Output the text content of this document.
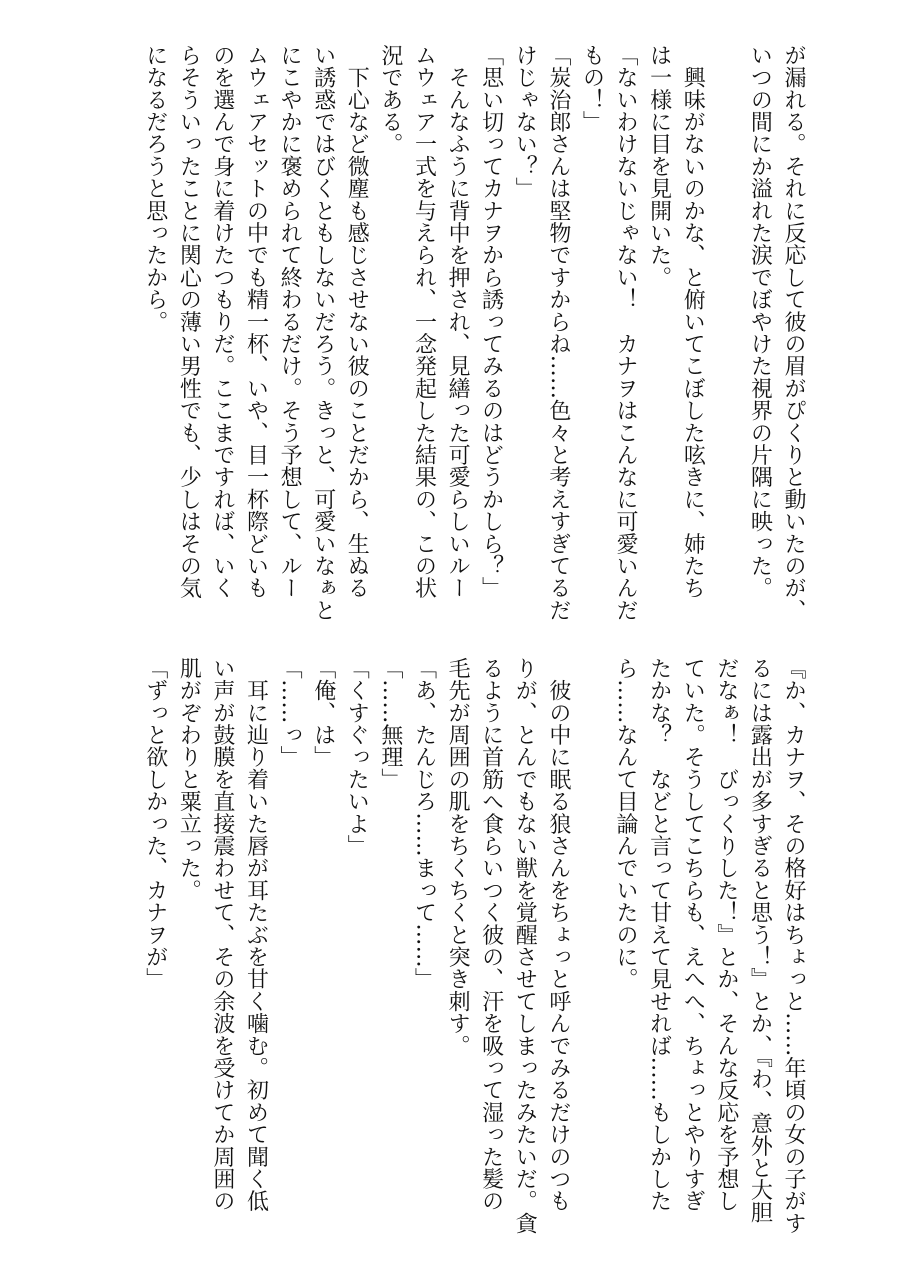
が漏れる。それに反応して彼の眉がぴくりと動いたのが、

いつの間にか溢れた涙でぼやけた視界の片隅に映った。

　興味がないのかな、と俯いてこぼした呟きに、姉たち

は一様に目を見開いた。

「ないわけないじゃない！　カナヲはこんなに可愛いんだ

もの！」

「炭治郎さんは堅物ですからね……色々と考えすぎてるだ

けじゃない？」

「思い切ってカナヲから誘ってみるのはどうかしら？」

　そんなふうに背中を押され、見繕った可愛らしいルー

ムウェア一式を与えられ、一念発起した結果の、この状

況である。

　下心など微塵も感じさせない彼のことだから、生ぬる

い誘惑ではびくともしないだろう。きっと、可愛いなぁと

にこやかに褒められて終わるだけ。そう予想して、ルー

ムウェアセットの中でも精一杯、いや、目一杯際どいも

のを選んで身に着けたつもりだ。ここまですれば、いく

らそういったことに関心の薄い男性でも、少しはその気

になるだろうと思ったから。

『か、カナヲ、その格好はちょっと……年頃の女の子がす

るには露出が多すぎると思う！』とか、『わ、意外と大胆

だなぁ！　びっくりした！』とか、そんな反応を予想し

ていた。そうしてこちらも、えへへ、ちょっとやりすぎ

たかな？　などと言って甘えて見せれば……もしかした

ら……なんて目論んでいたのに。

　彼の中に眠る狼さんをちょっと呼んでみるだけのつも

りが、とんでもない獣を覚醒させてしまったみたいだ。貪

るように首筋へ食らいつく彼の、汗を吸って湿った髪の

毛先が周囲の肌をちくちくと突き刺す。

「あ、たんじろ……まって……」

「……無理」

「くすぐったいよ」

「俺、は」

「……っ」

　耳に辿り着いた唇が耳たぶを甘く噛む。初めて聞く低

い声が鼓膜を直接震わせて、その余波を受けてか周囲の

肌がぞわりと粟立った。

「ずっと欲しかった、カナヲが」
